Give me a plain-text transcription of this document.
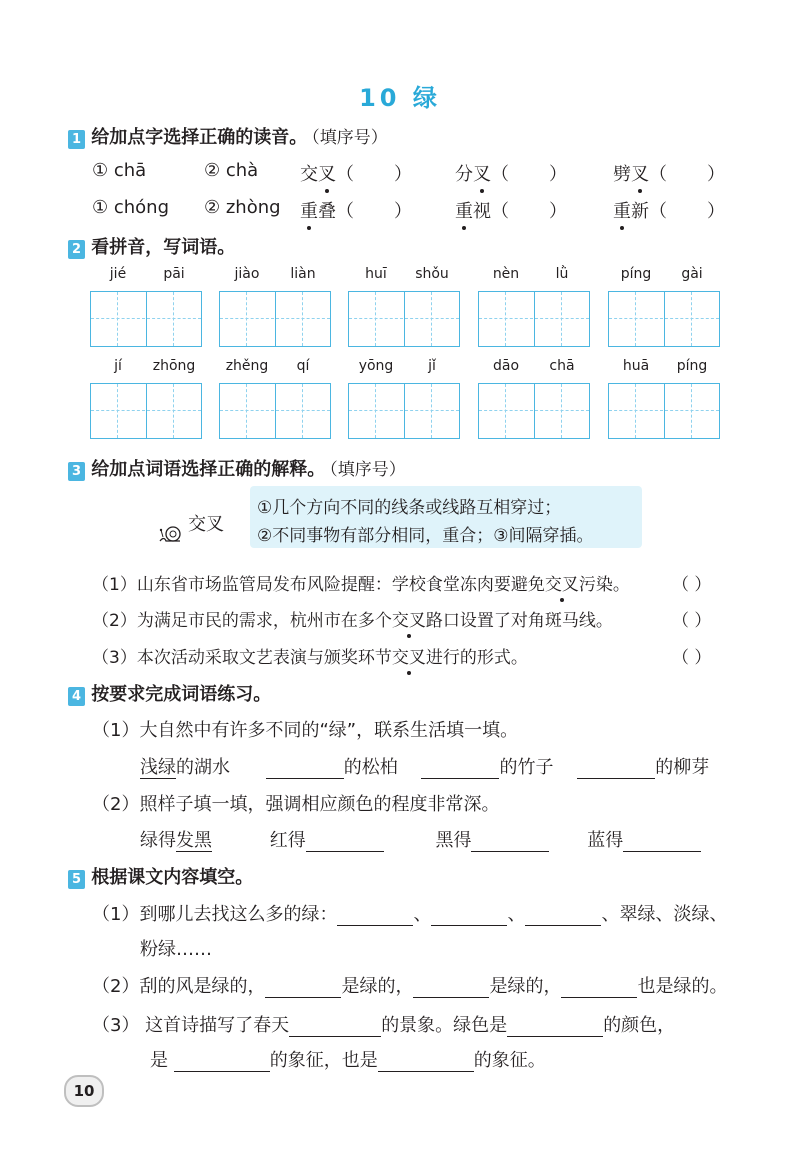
10 绿
1 给加点字选择正确的读音。 （填序号）
① chā	② chà 交叉（ ） 分叉（ ）	劈叉（ ）
① chóng ② zhòng 重叠（ ） 重视（ ）	重新（ ）
2 看拼音，写词语。
jié	pāi	jiào	liàn	huī	shǒu	nèn	lǜ	píng	gài
jí	zhōng	zhěng	qí	yōng	jǐ	dāo	chā	huā	píng
3 给加点词语选择正确的解释。 （填序号）
交叉
①几个方向不同的线条或线路互相穿过；
②不同事物有部分相同，重合；③间隔穿插。
（1）山东省市场监管局发布风险提醒：学校食堂冻肉要避免交叉污染。 （ ）
（2）为满足市民的需求，杭州市在多个交叉路口设置了对角斑马线。	（ ）
（3）本次活动采取文艺表演与颁奖环节交叉进行的形式。	（ ）
4 按要求完成词语练习。
（1）大自然中有许多不同的“绿”，联系生活填一填。
浅绿的湖水	的松柏	的竹子	的柳芽
（2）照样子填一填，强调相应颜色的程度非常深。
绿得发黑	红得	黑得	蓝得
5 根据课文内容填空。
（1）到哪儿去找这么多的绿：	、	、	、翠绿、淡绿、
粉绿……
（2）刮的风是绿的，	是绿的，	是绿的，	也是绿的。
（3） 这首诗描写了春天	的景象。绿色是	的颜色，
是	的象征，也是	的象征。
10
